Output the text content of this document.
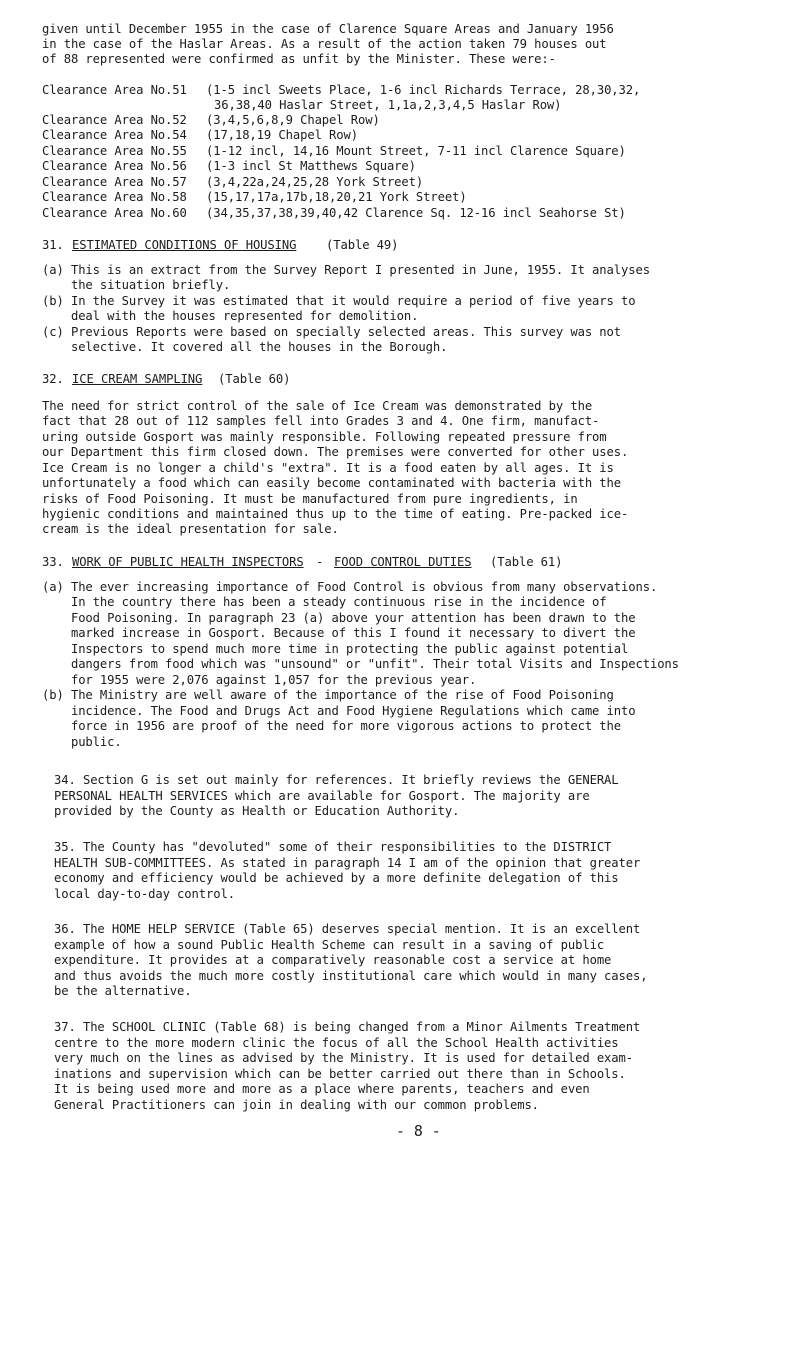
given until December 1955 in the case of Clarence Square Areas and January 1956
in the case of the Haslar Areas. As a result of the action taken 79 houses out
of 88 represented were confirmed as unfit by the Minister. These were:-
Clearance Area No.51 (1-5 incl Sweets Place, 1-6 incl Richards Terrace, 28,30,32,
36,38,40 Haslar Street, 1,1a,2,3,4,5 Haslar Row)
Clearance Area No.52 (3,4,5,6,8,9 Chapel Row)
Clearance Area No.54 (17,18,19 Chapel Row)
Clearance Area No.55 (1-12 incl, 14,16 Mount Street, 7-11 incl Clarence Square)
Clearance Area No.56 (1-3 incl St Matthews Square)
Clearance Area No.57 (3,4,22a,24,25,28 York Street)
Clearance Area No.58 (15,17,17a,17b,18,20,21 York Street)
Clearance Area No.60 (34,35,37,38,39,40,42 Clarence Sq. 12-16 incl Seahorse St)
31. ESTIMATED CONDITIONS OF HOUSING (Table 49)
(a) This is an extract from the Survey Report I presented in June, 1955. It analyses
the situation briefly.
(b) In the Survey it was estimated that it would require a period of five years to
deal with the houses represented for demolition.
(c) Previous Reports were based on specially selected areas. This survey was not
selective. It covered all the houses in the Borough.
32. ICE CREAM SAMPLING (Table 60)
The need for strict control of the sale of Ice Cream was demonstrated by the
fact that 28 out of 112 samples fell into Grades 3 and 4. One firm, manufact-
uring outside Gosport was mainly responsible. Following repeated pressure from
our Department this firm closed down. The premises were converted for other uses.
Ice Cream is no longer a child's "extra". It is a food eaten by all ages. It is
unfortunately a food which can easily become contaminated with bacteria with the
risks of Food Poisoning. It must be manufactured from pure ingredients, in
hygienic conditions and maintained thus up to the time of eating. Pre-packed ice-
cream is the ideal presentation for sale.
33. WORK OF PUBLIC HEALTH INSPECTORS - FOOD CONTROL DUTIES (Table 61)
(a) The ever increasing importance of Food Control is obvious from many observations.
In the country there has been a steady continuous rise in the incidence of
Food Poisoning. In paragraph 23 (a) above your attention has been drawn to the
marked increase in Gosport. Because of this I found it necessary to divert the
Inspectors to spend much more time in protecting the public against potential
dangers from food which was "unsound" or "unfit". Their total Visits and Inspections
for 1955 were 2,076 against 1,057 for the previous year.
(b) The Ministry are well aware of the importance of the rise of Food Poisoning
incidence. The Food and Drugs Act and Food Hygiene Regulations which came into
force in 1956 are proof of the need for more vigorous actions to protect the
public.
34. Section G is set out mainly for references. It briefly reviews the GENERAL
PERSONAL HEALTH SERVICES which are available for Gosport. The majority are
provided by the County as Health or Education Authority.
35. The County has "devoluted" some of their responsibilities to the DISTRICT
HEALTH SUB-COMMITTEES. As stated in paragraph 14 I am of the opinion that greater
economy and efficiency would be achieved by a more definite delegation of this
local day-to-day control.
36. The HOME HELP SERVICE (Table 65) deserves special mention. It is an excellent
example of how a sound Public Health Scheme can result in a saving of public
expenditure. It provides at a comparatively reasonable cost a service at home
and thus avoids the much more costly institutional care which would in many cases,
be the alternative.
37. The SCHOOL CLINIC (Table 68) is being changed from a Minor Ailments Treatment
centre to the more modern clinic the focus of all the School Health activities
very much on the lines as advised by the Ministry. It is used for detailed exam-
inations and supervision which can be better carried out there than in Schools.
It is being used more and more as a place where parents, teachers and even
General Practitioners can join in dealing with our common problems.
- 8 -
